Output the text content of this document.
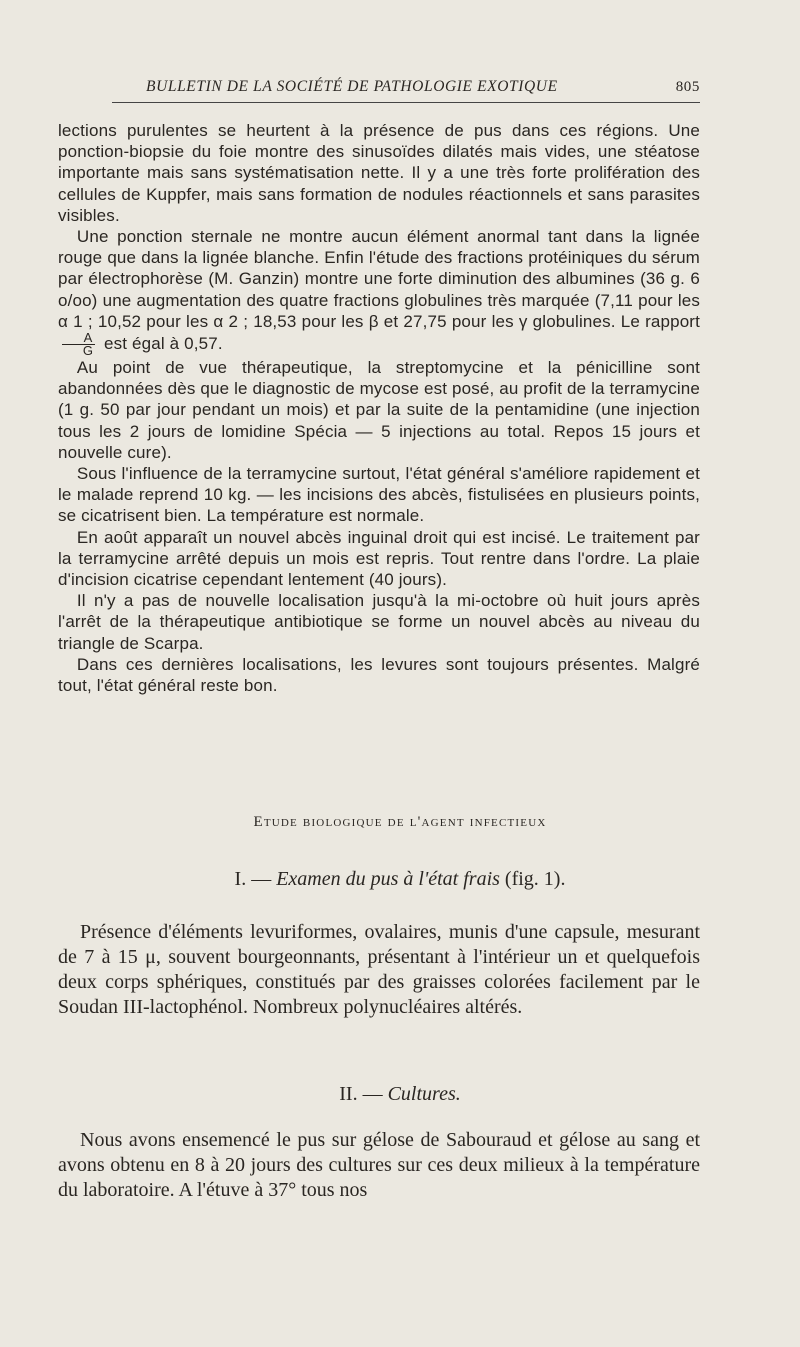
BULLETIN DE LA SOCIÉTÉ DE PATHOLOGIE EXOTIQUE	805

lections purulentes se heurtent à la présence de pus dans ces régions. Une ponction-biopsie du foie montre des sinusoïdes dilatés mais vides, une stéatose importante mais sans systématisation nette. Il y a une très forte prolifération des cellules de Kuppfer, mais sans formation de nodules réactionnels et sans parasites visibles.

Une ponction sternale ne montre aucun élément anormal tant dans la lignée rouge que dans la lignée blanche. Enfin l'étude des fractions protéiniques du sérum par électrophorèse (M. Ganzin) montre une forte diminution des albumines (36 g. 6 o/oo) une augmentation des quatre fractions globulines très marquée (7,11 pour les α 1 ; 10,52 pour les α 2 ; 18,53 pour les β et 27,75 pour les γ globulines. Le rapport
$\frac{A}{G}$ est égal à 0,57.

Au point de vue thérapeutique, la streptomycine et la pénicilline sont abandonnées dès que le diagnostic de mycose est posé, au profit de la terramycine (1 g. 50 par jour pendant un mois) et par la suite de la pentamidine (une injection tous les 2 jours de lomidine Spécia — 5 injections au total. Repos 15 jours et nouvelle cure).

Sous l'influence de la terramycine surtout, l'état général s'améliore rapidement et le malade reprend 10 kg. — les incisions des abcès, fistulisées en plusieurs points, se cicatrisent bien. La température est normale.

En août apparaît un nouvel abcès inguinal droit qui est incisé. Le traitement par la terramycine arrêté depuis un mois est repris. Tout rentre dans l'ordre. La plaie d'incision cicatrise cependant lentement (40 jours).

Il n'y a pas de nouvelle localisation jusqu'à la mi-octobre où huit jours après l'arrêt de la thérapeutique antibiotique se forme un nouvel abcès au niveau du triangle de Scarpa.

Dans ces dernières localisations, les levures sont toujours présentes. Malgré tout, l'état général reste bon.

Etude biologique de l'agent infectieux
I. — Examen du pus à l'état frais (fig. 1).

Présence d'éléments levuriformes, ovalaires, munis d'une capsule, mesurant de 7 à 15 μ, souvent bourgeonnants, présentant à l'intérieur un et quelquefois deux corps sphériques, constitués par des graisses colorées facilement par le Soudan III-lactophénol. Nombreux polynucléaires altérés.

II. — Cultures.

Nous avons ensemencé le pus sur gélose de Sabouraud et gélose au sang et avons obtenu en 8 à 20 jours des cultures sur ces deux milieux à la température du laboratoire. A l'étuve à 37° tous nos
